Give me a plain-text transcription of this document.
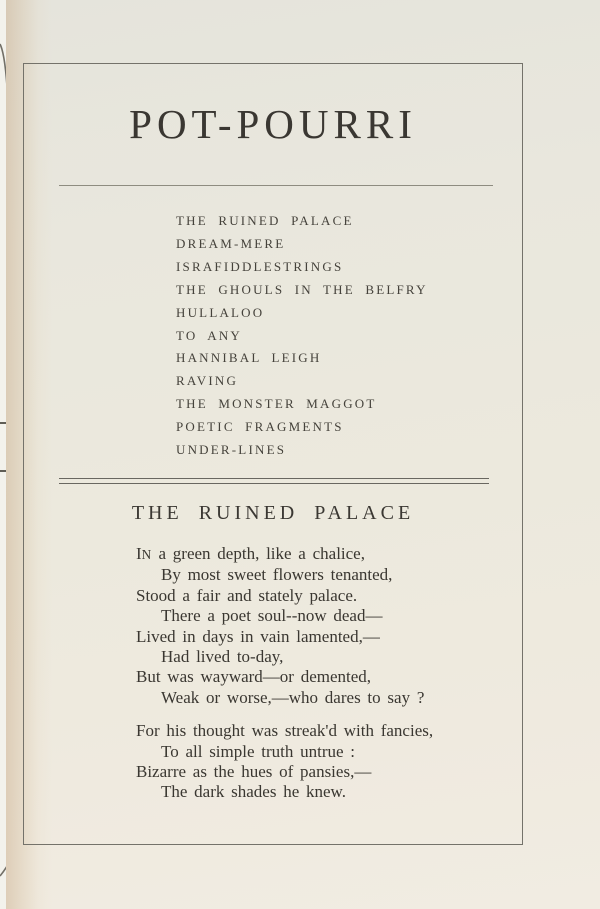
POT-POURRI
THE RUINED PALACE
DREAM-MERE
ISRAFIDDLESTRINGS
THE GHOULS IN THE BELFRY
HULLALOO
TO ANY
HANNIBAL LEIGH
RAVING
THE MONSTER MAGGOT
POETIC FRAGMENTS
UNDER-LINES
THE RUINED PALACE
IN a green depth, like a chalice,
By most sweet flowers tenanted,
Stood a fair and stately palace.
There a poet soul--now dead—
Lived in days in vain lamented,—
Had lived to-day,
But was wayward—or demented,
Weak or worse,—who dares to say ?
For his thought was streak'd with fancies,
To all simple truth untrue :
Bizarre as the hues of pansies,—
The dark shades he knew.
